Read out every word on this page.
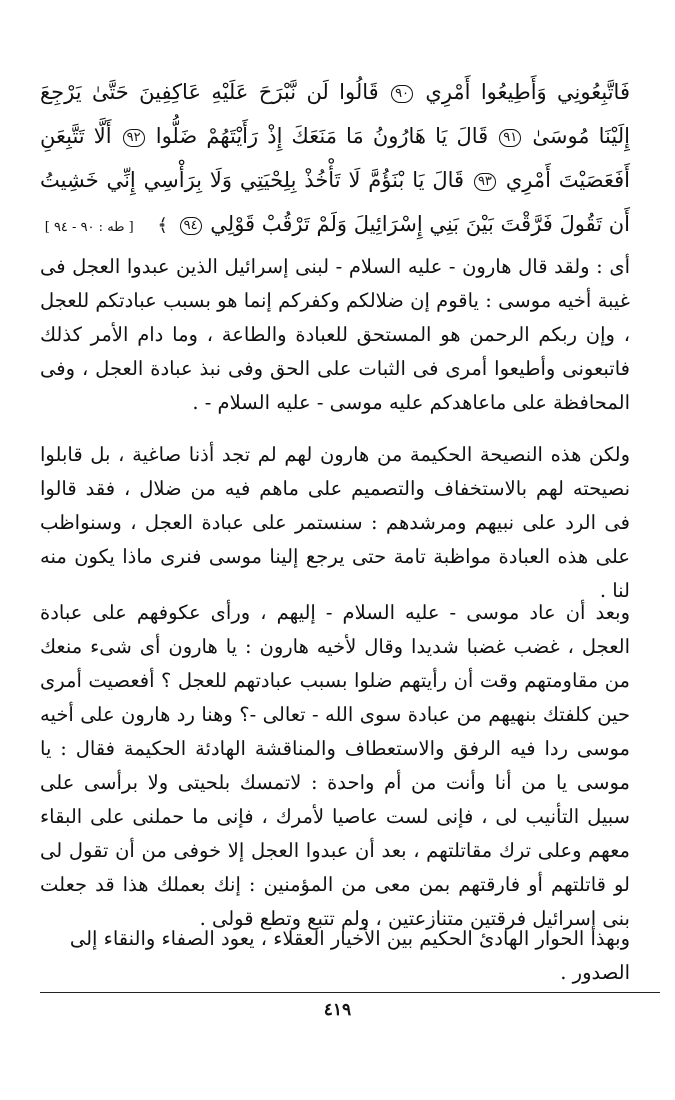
فَاتَّبِعُونِي وَأَطِيعُوا أَمْرِي ٩٠ قَالُوا لَن نَّبْرَحَ عَلَيْهِ عَاكِفِينَ حَتَّىٰ يَرْجِعَ إِلَيْنَا مُوسَىٰ ٩١ قَالَ يَا هَارُونُ مَا مَنَعَكَ إِذْ رَأَيْتَهُمْ ضَلُّوا ٩٢ أَلَّا تَتَّبِعَنِ أَفَعَصَيْتَ أَمْرِي ٩٣ قَالَ يَا بْنَؤُمَّ لَا تَأْخُذْ بِلِحْيَتِي وَلَا بِرَأْسِي إِنِّي خَشِيتُ أَن تَقُولَ فَرَّقْتَ بَيْنَ بَنِي إِسْرَائِيلَ وَلَمْ تَرْقُبْ قَوْلِي ٩٤ ﴾ [ طه : ٩٠ - ٩٤ ]
أى : ولقد قال هارون - عليه السلام - لبنى إسرائيل الذين عبدوا العجل فى غيبة أخيه موسى : ياقوم إن ضلالكم وكفركم إنما هو بسبب عبادتكم للعجل ، وإن ربكم الرحمن هو المستحق للعبادة والطاعة ، وما دام الأمر كذلك فاتبعونى وأطيعوا أمرى فى الثبات على الحق وفى نبذ عبادة العجل ، وفى المحافظة على ماعاهدكم عليه موسى - عليه السلام - .
ولكن هذه النصيحة الحكيمة من هارون لهم لم تجد أذنا صاغية ، بل قابلوا نصيحته لهم بالاستخفاف والتصميم على ماهم فيه من ضلال ، فقد قالوا فى الرد على نبيهم ومرشدهم : سنستمر على عبادة العجل ، وسنواظب على هذه العبادة مواظبة تامة حتى يرجع إلينا موسى فنرى ماذا يكون منه لنا .
وبعد أن عاد موسى - عليه السلام - إليهم ، ورأى عكوفهم على عبادة العجل ، غضب غضبا شديدا وقال لأخيه هارون : يا هارون أى شىء منعك من مقاومتهم وقت أن رأيتهم ضلوا بسبب عبادتهم للعجل ؟ أفعصيت أمرى حين كلفتك بنهيهم من عبادة سوى الله - تعالى -؟ وهنا رد هارون على أخيه موسى ردا فيه الرفق والاستعطاف والمناقشة الهادئة الحكيمة فقال : يا موسى يا من أنا وأنت من أم واحدة : لاتمسك بلحيتى ولا برأسى على سبيل التأنيب لى ، فإنى لست عاصيا لأمرك ، فإنى ما حملنى على البقاء معهم وعلى ترك مقاتلتهم ، بعد أن عبدوا العجل إلا خوفى من أن تقول لى لو قاتلتهم أو فارقتهم بمن معى من المؤمنين : إنك بعملك هذا قد جعلت بنى إسرائيل فرقتين متنازعتين ، ولم تتبع وتطع قولى .
وبهذا الحوار الهادئ الحكيم بين الأخيار العقلاء ، يعود الصفاء والنقاء إلى الصدور .
٤١٩
